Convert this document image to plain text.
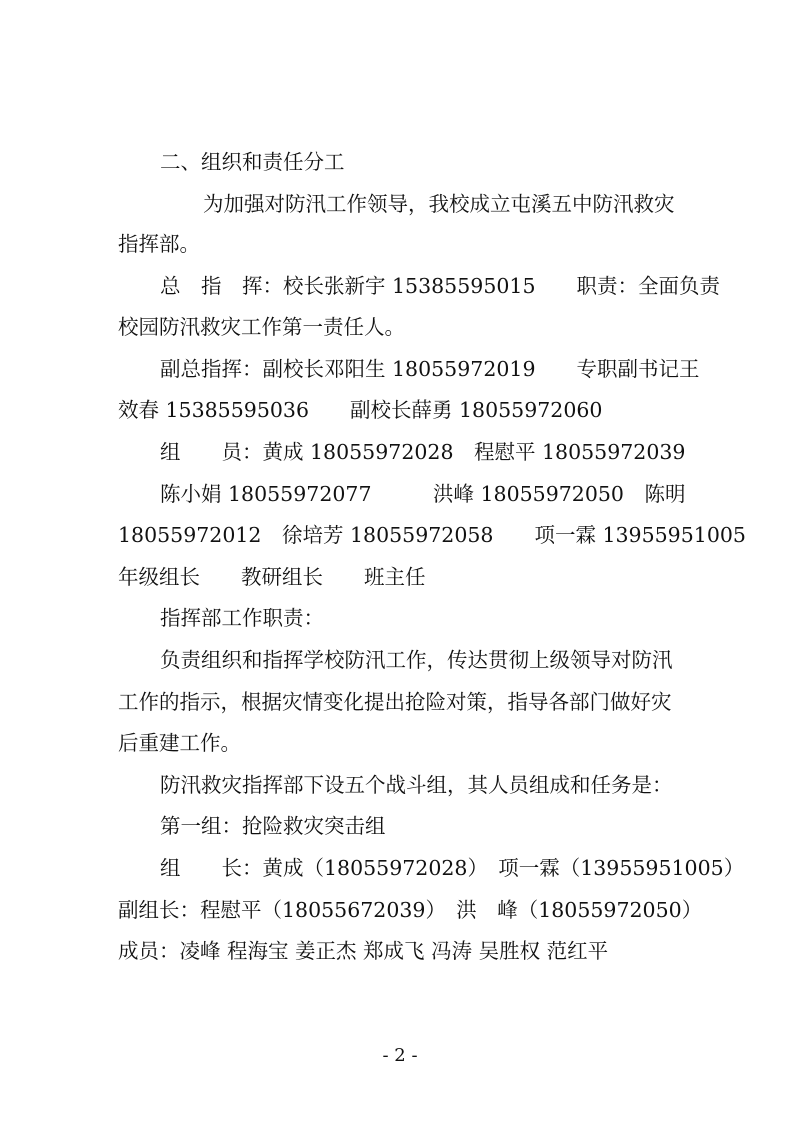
二、组织和责任分工
为加强对防汛工作领导，我校成立屯溪五中防汛救灾
指挥部。
总　指　挥：校长张新宇 15385595015　　职责：全面负责
校园防汛救灾工作第一责任人。
副总指挥：副校长邓阳生 18055972019　　专职副书记王
效春 15385595036　　副校长薛勇 18055972060
组　　员：黄成 18055972028　程慰平 18055972039
陈小娟 18055972077　　　洪峰 18055972050　陈明
18055972012　徐培芳 18055972058　　项一霖 13955951005
年级组长　　教研组长　　班主任
指挥部工作职责：
负责组织和指挥学校防汛工作，传达贯彻上级领导对防汛
工作的指示，根据灾情变化提出抢险对策，指导各部门做好灾
后重建工作。
防汛救灾指挥部下设五个战斗组，其人员组成和任务是：
第一组：抢险救灾突击组
组　　长：黄成（18055972028）　项一霖（13955951005）
副组长：程慰平（18055672039）　洪　峰（18055972050）
成员：凌峰 程海宝 姜正杰 郑成飞 冯涛 吴胜权 范红平
- 2 -
